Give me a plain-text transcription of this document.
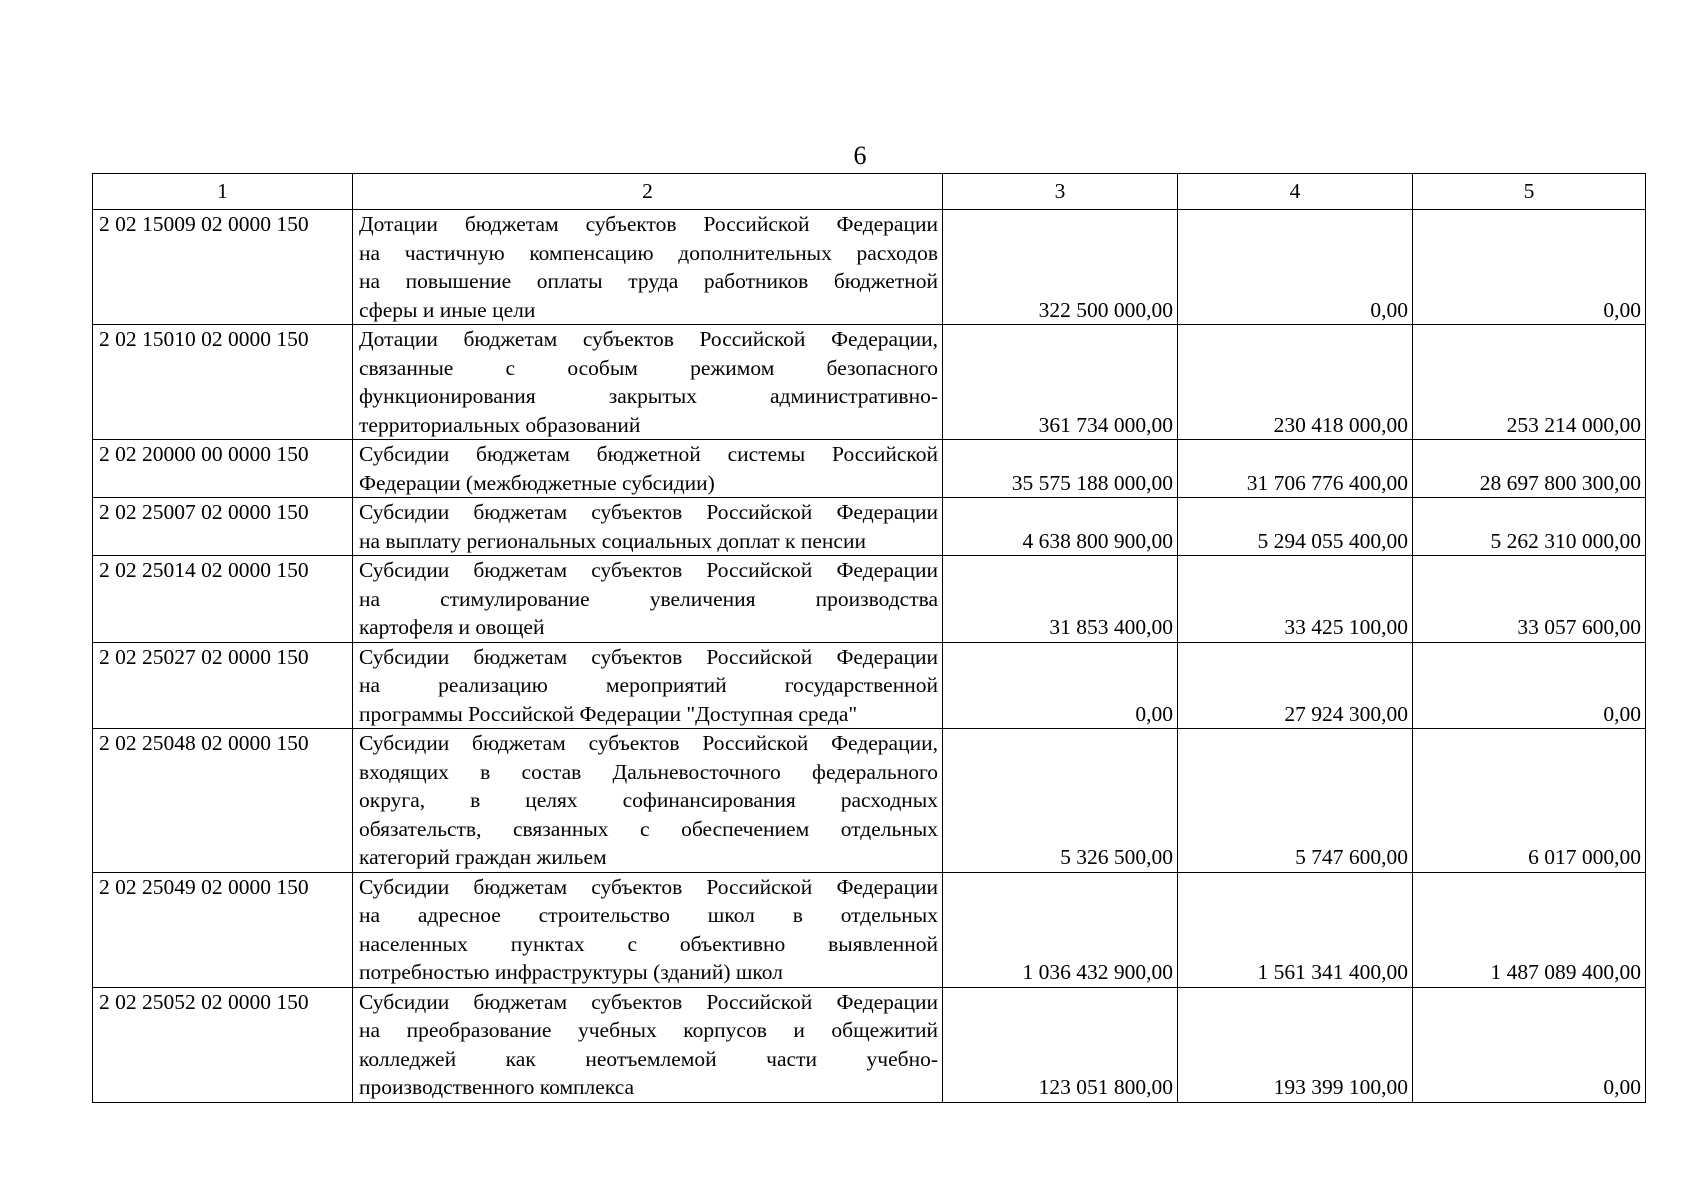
6
1	2	3	4	5
2 02 15009 02 0000 150	Дотации бюджетам субъектов Российской Федерации
на частичную компенсацию дополнительных расходов
на повышение оплаты труда работников бюджетной
сферы и иные цели	322 500 000,00	0,00	0,00
2 02 15010 02 0000 150	Дотации бюджетам субъектов Российской Федерации,
связанные с особым режимом безопасного
функционирования закрытых административно-
территориальных образований	361 734 000,00	230 418 000,00	253 214 000,00
2 02 20000 00 0000 150	Субсидии бюджетам бюджетной системы Российской
Федерации (межбюджетные субсидии)	35 575 188 000,00	31 706 776 400,00	28 697 800 300,00
2 02 25007 02 0000 150	Субсидии бюджетам субъектов Российской Федерации
на выплату региональных социальных доплат к пенсии	4 638 800 900,00	5 294 055 400,00	5 262 310 000,00
2 02 25014 02 0000 150	Субсидии бюджетам субъектов Российской Федерации
на стимулирование увеличения производства
картофеля и овощей	31 853 400,00	33 425 100,00	33 057 600,00
2 02 25027 02 0000 150	Субсидии бюджетам субъектов Российской Федерации
на реализацию мероприятий государственной
программы Российской Федерации "Доступная среда"	0,00	27 924 300,00	0,00
2 02 25048 02 0000 150	Субсидии бюджетам субъектов Российской Федерации,
входящих в состав Дальневосточного федерального
округа, в целях софинансирования расходных
обязательств, связанных с обеспечением отдельных
категорий граждан жильем	5 326 500,00	5 747 600,00	6 017 000,00
2 02 25049 02 0000 150	Субсидии бюджетам субъектов Российской Федерации
на адресное строительство школ в отдельных
населенных пунктах с объективно выявленной
потребностью инфраструктуры (зданий) школ	1 036 432 900,00	1 561 341 400,00	1 487 089 400,00
2 02 25052 02 0000 150	Субсидии бюджетам субъектов Российской Федерации
на преобразование учебных корпусов и общежитий
колледжей как неотъемлемой части учебно-
производственного комплекса	123 051 800,00	193 399 100,00	0,00
